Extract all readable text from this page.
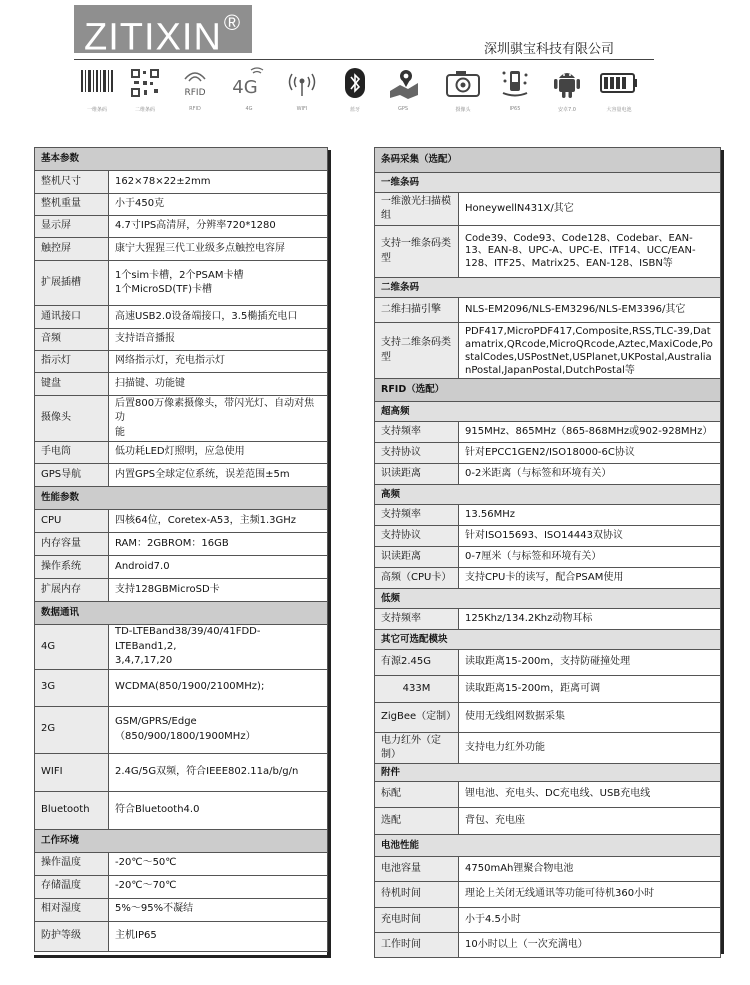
ZITIXIN®
深圳骐宝科技有限公司
一维条码	二维条码
RFID
RFID
4G
4G	WIFI	蓝牙	GPS	摄像头	IP65	安卓7.0	大容量电池
基本参数	
整机尺寸	162×78×22±2mm
整机重量	小于450克
显示屏	4.7寸IPS高清屏，分辨率720*1280
触控屏	康宁大猩猩三代工业级多点触控电容屏
扩展插槽	1个sim卡槽，2个PSAM卡槽
1个MicroSD(TF)卡槽

通讯接口	高速USB2.0设备端接口，3.5椭插充电口
音频	支持语音播报
指示灯	网络指示灯，充电指示灯
键盘	扫描键、功能键
摄像头	后置800万像素摄像头，带闪光灯、自动对焦功
能

手电筒	低功耗LED灯照明，应急使用
GPS导航	内置GPS全球定位系统，误差范围±5m
性能参数	
CPU	四核64位，Coretex-A53，主频1.3GHz
内存容量	RAM：2GBROM：16GB
操作系统	Android7.0
扩展内存	支持128GBMicroSD卡
数据通讯	
4G	TD-LTEBand38/39/40/41FDD-LTEBand1,2,
3,4,7,17,20

3G	WCDMA(850/1900/2100MHz);
2G	GSM/GPRS/Edge
（850/900/1800/1900MHz）

WIFI	2.4G/5G双频，符合IEEE802.11a/b/g/n
Bluetooth	符合Bluetooth4.0
工作环境	
操作温度	-20℃～50℃
存储温度	-20℃～70℃
相对湿度	5%～95%不凝结
防护等级	主机IP65
条码采集（选配）	
一维条码	
一维激光扫描模组	HoneywellN431X/其它
支持一维条码类型	Code39、Code93、Code128、Codebar、EAN-13、EAN-8、UPC-A、UPC-E、ITF14、UCC/EAN-128、ITF25、Matrix25、EAN-128、ISBN等
二维条码	
二维扫描引擎	NLS-EM2096/NLS-EM3296/NLS-EM3396/其它
支持二维条码类型	PDF417,MicroPDF417,Composite,RSS,TLC-39,Datamatrix,QRcode,MicroQRcode,Aztec,MaxiCode,PostalCodes,USPostNet,USPlanet,UKPostal,AustralianPostal,JapanPostal,DutchPostal等
RFID（选配）	
超高频	
支持频率	915MHz、865MHz（865-868MHz或902-928MHz）
支持协议	针对EPCC1GEN2/ISO18000-6C协议
识读距离	0-2米距离（与标签和环境有关）
高频	
支持频率	13.56MHz
支持协议	针对ISO15693、ISO14443双协议
识读距离	0-7厘米（与标签和环境有关）
高频（CPU卡）	支持CPU卡的读写，配合PSAM使用
低频	
支持频率	125Khz/134.2Khz动物耳标
其它可选配模块	
有源2.45G	读取距离15-200m，支持防碰撞处理
433M	读取距离15-200m，距离可调
ZigBee（定制）	使用无线组网数据采集
电力红外（定制）	支持电力红外功能
附件	
标配	锂电池、充电头、DC充电线、USB充电线
选配	背包、充电座
电池性能	
电池容量	4750mAh锂聚合物电池
待机时间	理论上关闭无线通讯等功能可待机360小时
充电时间	小于4.5小时
工作时间	10小时以上（一次充满电）
